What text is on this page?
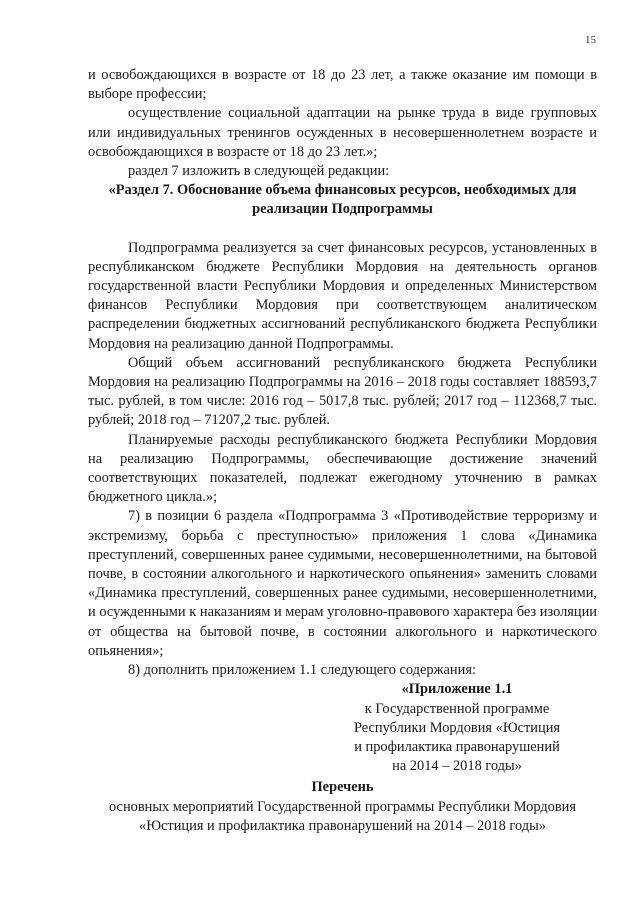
15

и освобождающихся в возрасте от 18 до 23 лет, а также оказание им помощи в выборе профессии;

осуществление социальной адаптации на рынке труда в виде групповых или индивидуальных тренингов осужденных в несовершеннолетнем возрасте и освобождающихся в возрасте от 18 до 23 лет.»;

раздел 7 изложить в следующей редакции:

«Раздел 7. Обоснование объема финансовых ресурсов, необходимых для реализации Подпрограммы

Подпрограмма реализуется за счет финансовых ресурсов, установленных в республиканском бюджете Республики Мордовия на деятельность органов государственной власти Республики Мордовия и определенных Министерством финансов Республики Мордовия при соответствующем аналитическом распределении бюджетных ассигнований республиканского бюджета Республики Мордовия на реализацию данной Подпрограммы.

Общий объем ассигнований республиканского бюджета Республики Мордовия на реализацию Подпрограммы на 2016 – 2018 годы составляет 188593,7 тыс. рублей, в том числе: 2016 год – 5017,8 тыс. рублей; 2017 год – 112368,7 тыс. рублей; 2018 год – 71207,2 тыс. рублей.

Планируемые расходы республиканского бюджета Республики Мордовия на реализацию Подпрограммы, обеспечивающие достижение значений соответствующих показателей, подлежат ежегодному уточнению в рамках бюджетного цикла.»;

7) в позиции 6 раздела «Подпрограмма 3 «Противодействие терроризму и экстремизму, борьба с преступностью» приложения 1 слова «Динамика преступлений, совершенных ранее судимыми, несовершеннолетними, на бытовой почве, в состоянии алкогольного и наркотического опьянения» заменить словами «Динамика преступлений, совершенных ранее судимыми, несовершеннолетними, и осужденными к наказаниям и мерам уголовно-правового характера без изоляции от общества на бытовой почве, в состоянии алкогольного и наркотического опьянения»;

8) дополнить приложением 1.1 следующего содержания:

«Приложение 1.1
к Государственной программе
Республики Мордовия «Юстиция
и профилактика правонарушений
на 2014 – 2018 годы»
Перечень
основных мероприятий Государственной программы Республики Мордовия
«Юстиция и профилактика правонарушений на 2014 – 2018 годы»
